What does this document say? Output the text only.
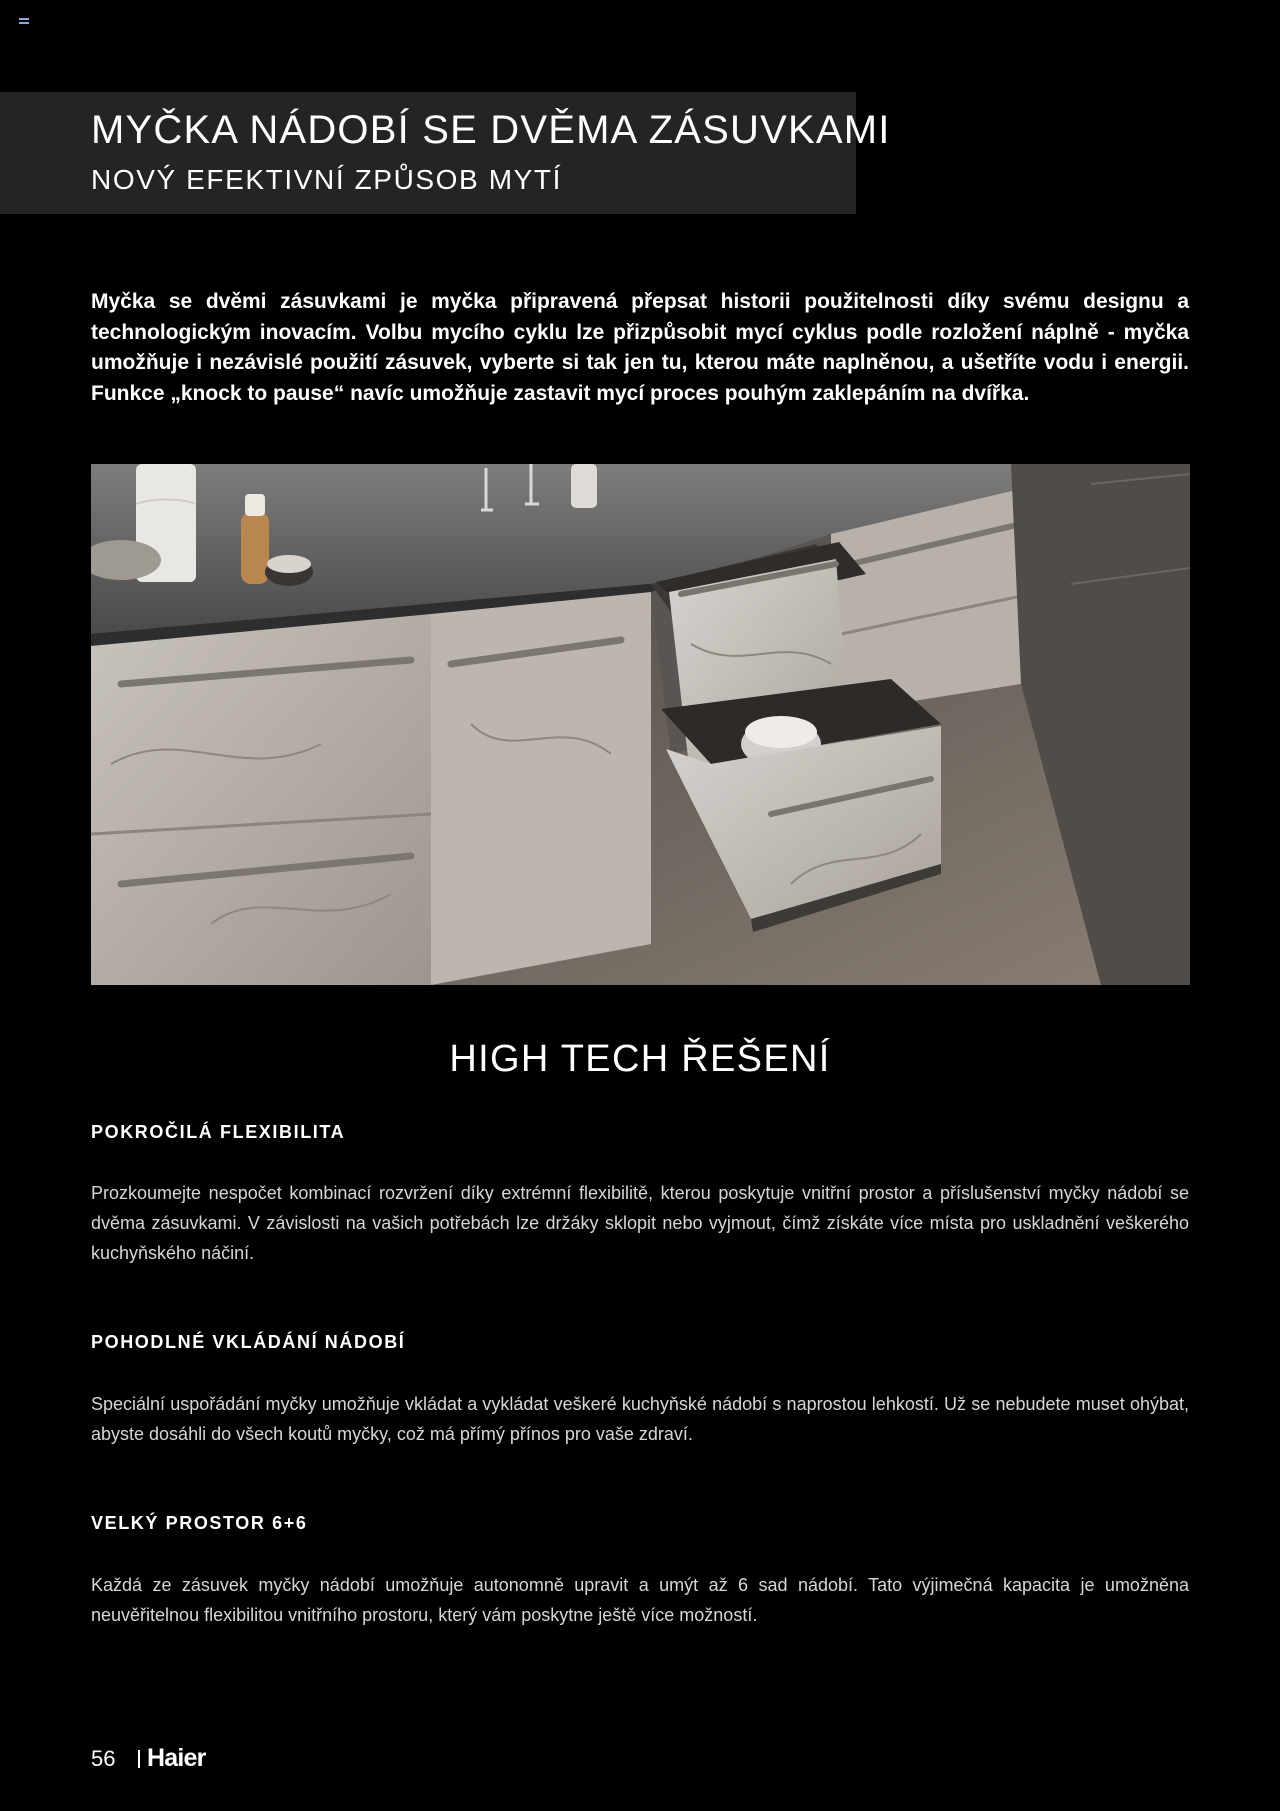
MYČKA NÁDOBÍ SE DVĚMA ZÁSUVKAMI
NOVÝ EFEKTIVNÍ ZPŮSOB MYTÍ

Myčka se dvěmi zásuvkami je myčka připravená přepsat historii použitelnosti díky svému designu a technologickým inovacím. Volbu mycího cyklu lze přizpůsobit mycí cyklus podle rozložení náplně - myčka umožňuje i nezávislé použití zásuvek, vyberte si tak jen tu, kterou máte naplněnou, a ušetříte vodu i energii. Funkce „knock to pause“ navíc umožňuje zastavit mycí proces pouhým zaklepáním na dvířka.

HIGH TECH ŘEŠENÍ
POKROČILÁ FLEXIBILITA

Prozkoumejte nespočet kombinací rozvržení díky extrémní flexibilitě, kterou poskytuje vnitřní prostor a příslušenství myčky nádobí se dvěma zásuvkami. V závislosti na vašich potřebách lze držáky sklopit nebo vyjmout, čímž získáte více místa pro uskladnění veškerého kuchyňského náčiní.

POHODLNÉ VKLÁDÁNÍ NÁDOBÍ

Speciální uspořádání myčky umožňuje vkládat a vykládat veškeré kuchyňské nádobí s naprostou lehkostí. Už se nebudete muset ohýbat, abyste dosáhli do všech koutů myčky, což má přímý přínos pro vaše zdraví.

VELKÝ PROSTOR 6+6

Každá ze zásuvek myčky nádobí umožňuje autonomně upravit a umýt až 6 sad nádobí. Tato výjimečná kapacita je umožněna neuvěřitelnou flexibilitou vnitřního prostoru, který vám poskytne ještě více možností.

56 Haier
